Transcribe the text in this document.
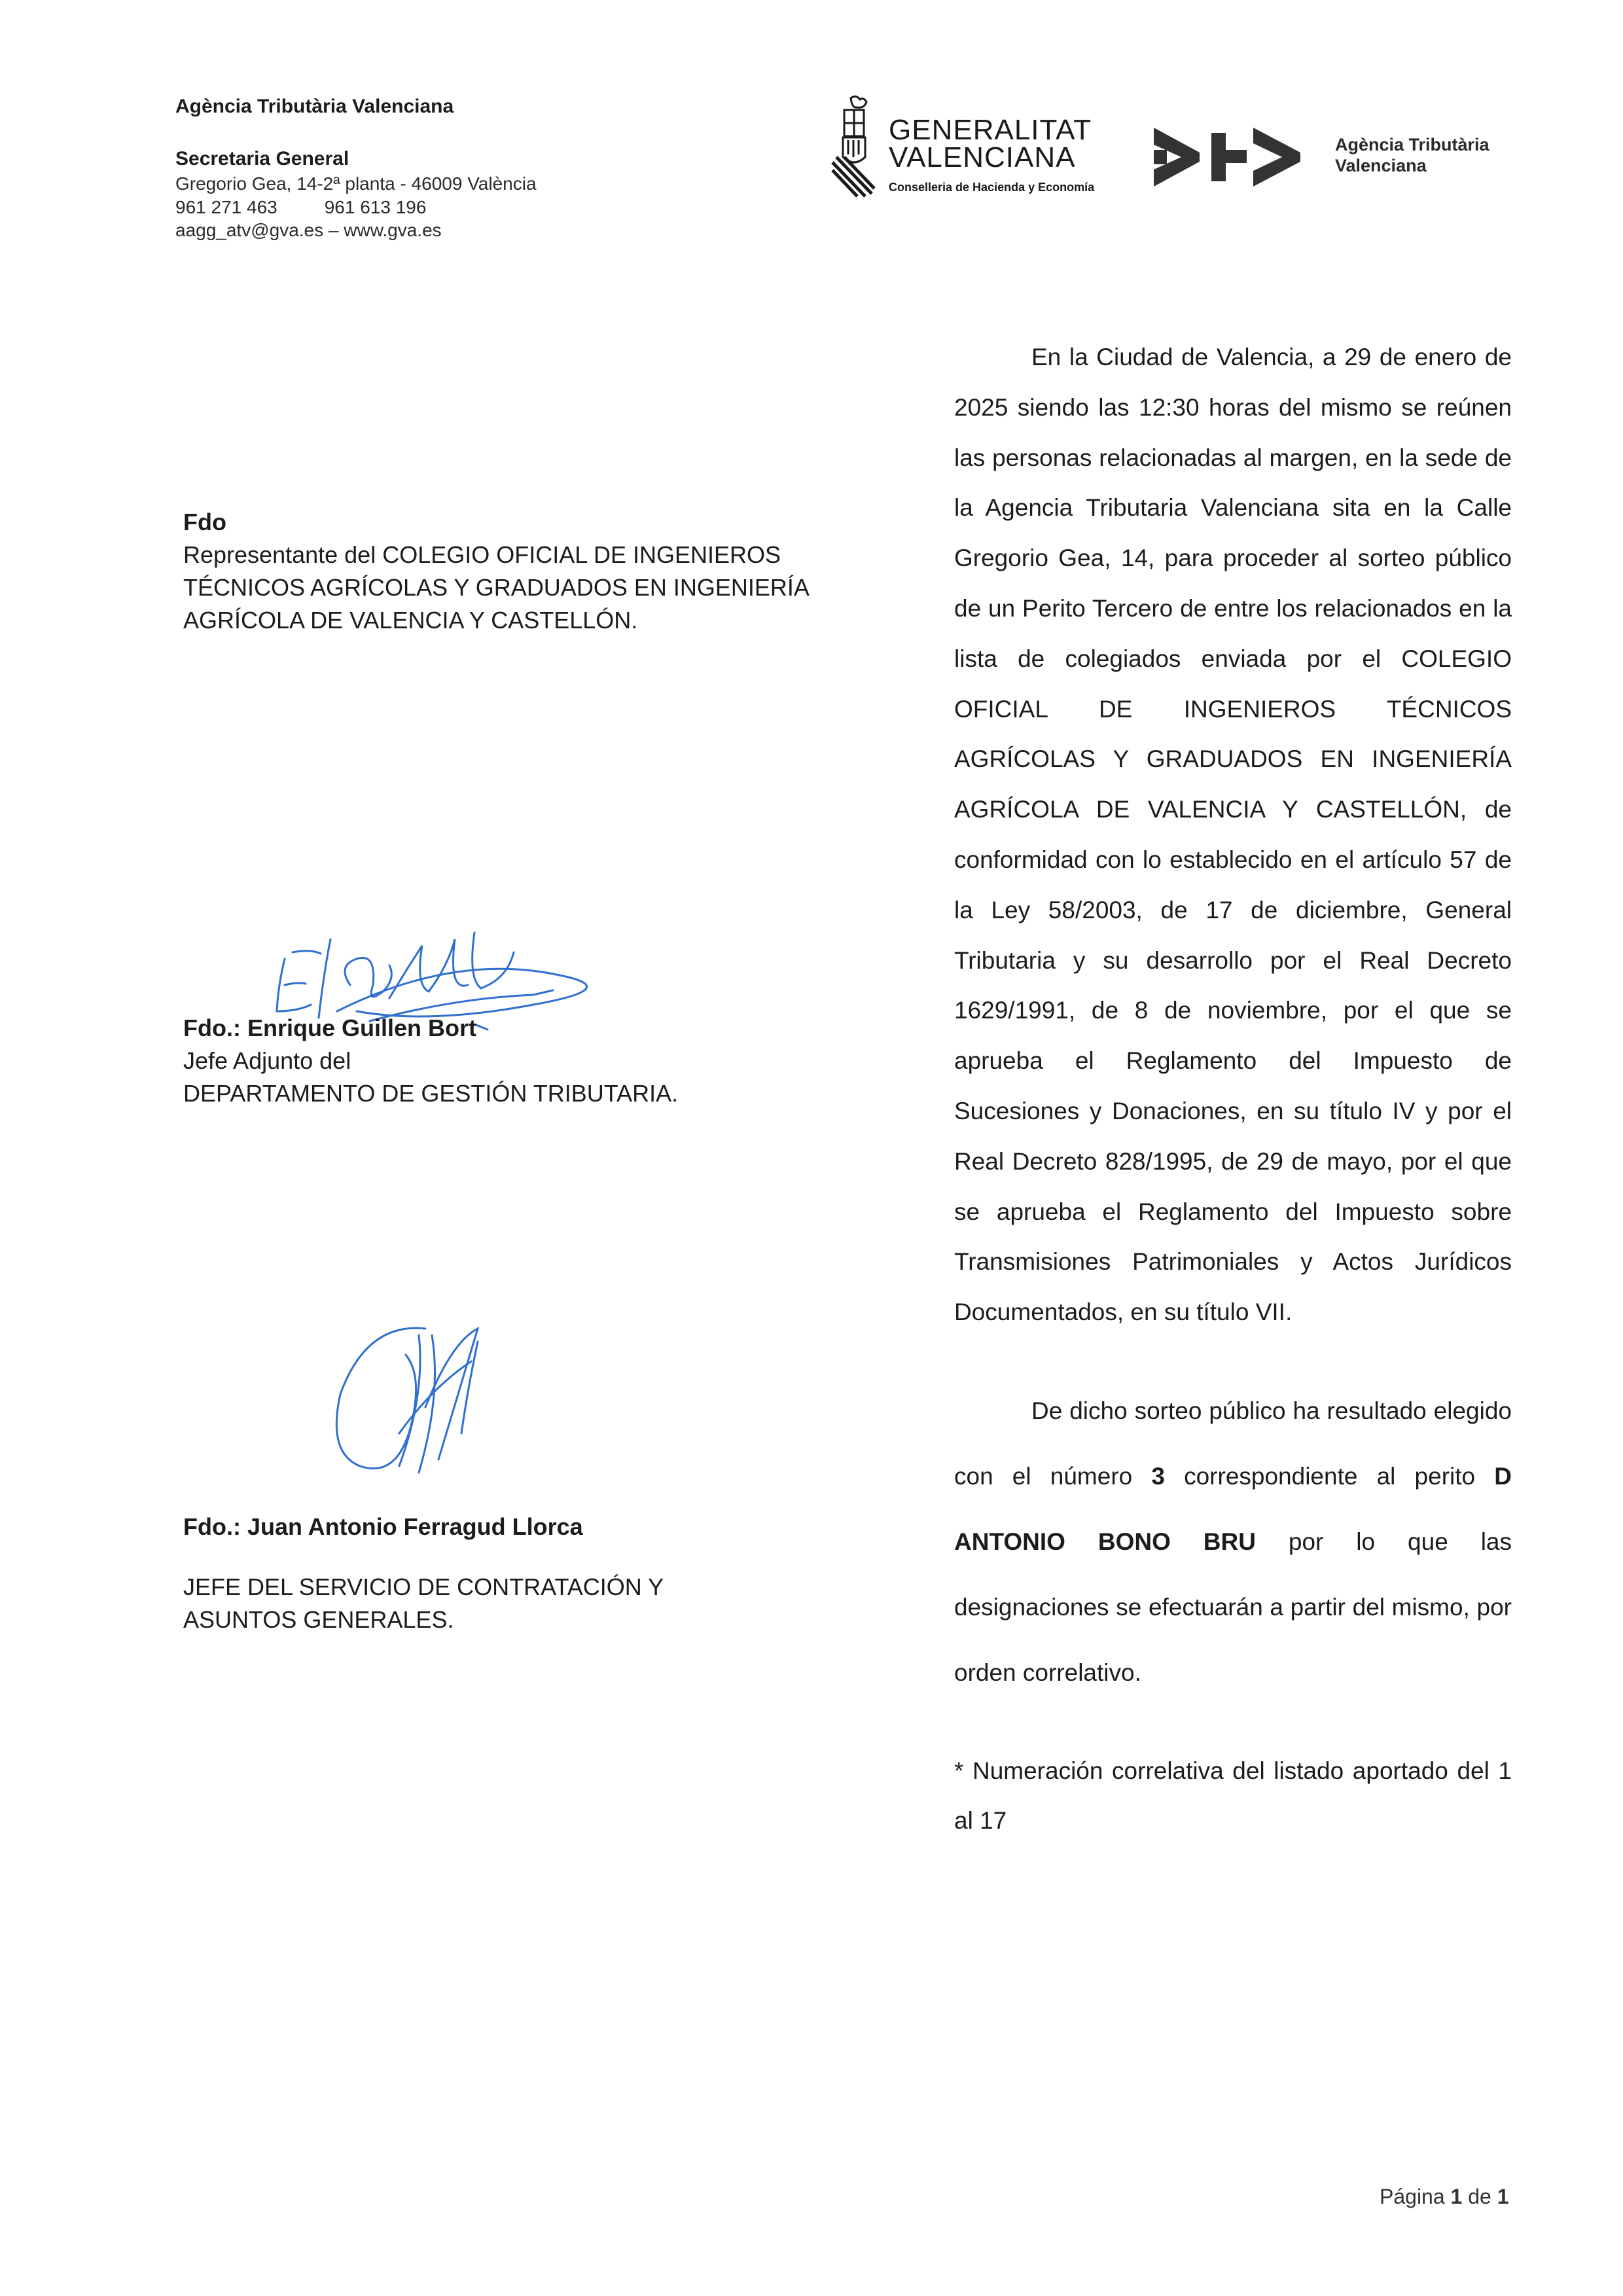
Agència Tributària Valenciana
Secretaria General
Gregorio Gea, 14-2ª planta - 46009 València
961 271 463	961 613 196
aagg_atv@gva.es – www.gva.es
GENERALITAT
VALENCIANA
Conselleria de Hacienda y Economía
Agència Tributària
Valenciana
En la Ciudad de Valencia, a 29 de enero de 2025 siendo las 12:30 horas del mismo se reúnen las personas relacionadas al margen, en la sede de la Agencia Tributaria Valenciana sita en la Calle Gregorio Gea, 14, para proceder al sorteo público de un Perito Tercero de entre los relacionados en la lista de colegiados enviada por el COLEGIO OFICIAL DE INGENIEROS TÉCNICOS AGRÍCOLAS Y GRADUADOS EN INGENIERÍA AGRÍCOLA DE VALENCIA Y CASTELLÓN, de conformidad con lo establecido en el artículo 57 de la Ley 58/2003, de 17 de diciembre, General Tributaria y su desarrollo por el Real Decreto 1629/1991, de 8 de noviembre, por el que se aprueba el Reglamento del Impuesto de Sucesiones y Donaciones, en su título IV y por el Real Decreto 828/1995, de 29 de mayo, por el que se aprueba el Reglamento del Impuesto sobre Transmisiones Patrimoniales y Actos Jurídicos Documentados, en su título VII.
De dicho sorteo público ha resultado elegido con el número 3 correspondiente al perito D ANTONIO BONO BRU por lo que las designaciones se efectuarán a partir del mismo, por orden correlativo.
* Numeración correlativa del listado aportado del 1 al 17
Fdo
Representante del COLEGIO OFICIAL DE INGENIEROS TÉCNICOS AGRÍCOLAS Y GRADUADOS EN INGENIERÍA AGRÍCOLA DE VALENCIA Y CASTELLÓN.
Fdo.: Enrique Guillen Bort
Jefe Adjunto del
DEPARTAMENTO DE GESTIÓN TRIBUTARIA.
Fdo.: Juan Antonio Ferragud Llorca
JEFE DEL SERVICIO DE CONTRATACIÓN Y ASUNTOS GENERALES.
Página 1 de 1
